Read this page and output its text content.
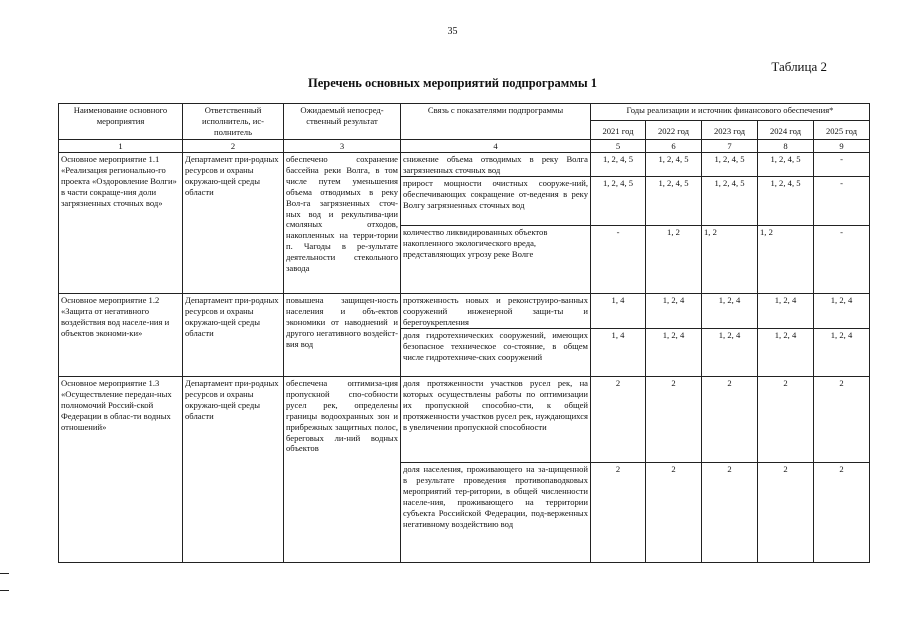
35
Таблица 2
Перечень основных мероприятий подпрограммы 1
Наименование основного мероприятия	Ответственный исполнитель, ис-полнитель	Ожидаемый непосред-ственный результат	Связь с показателями подпрограммы	Годы реализации и источник финансового обеспечения*				
				2021 год	2022 год	2023 год	2024 год	2025 год
1	2	3	4	5	6	7	8	9
Основное мероприятие 1.1 «Реализация регионально-го проекта «Оздоровление Волги» в части сокраще-ния доли загрязненных сточных вод»	Департамент при-родных ресурсов и охраны окружаю-щей среды области	обеспечено сохранение бассейна реки Волга, в том числе путем уменьшения объема отводимых в реку Вол-га загрязненных сточ-ных вод и рекультива-ции смоляных отходов, накопленных на терри-тории п. Чагоды в ре-зультате деятельности стекольного завода	снижение объема отводимых в реку Волга загрязненных сточных вод	1, 2, 4, 5	1, 2, 4, 5	1, 2, 4, 5	1, 2, 4, 5	-
			прирост мощности очистных сооруже-ний, обеспечивающих сокращение от-ведения в реку Волгу загрязненных сточных вод	1, 2, 4, 5	1, 2, 4, 5	1, 2, 4, 5	1, 2, 4, 5	-
			количество ликвидированных объектов накопленного экологического вреда, представляющих угрозу реке Волге	-	1, 2	1, 2	1, 2	-
Основное мероприятие 1.2 «Защита от негативного воздействия вод населе-ния и объектов экономи-ки»	Департамент при-родных ресурсов и охраны окружаю-щей среды области	повышена защищен-ность населения и объ-ектов экономики от наводнений и другого негативного воздейст-вия вод	протяженность новых и реконструиро-ванных сооружений инженерной защи-ты и берегоукрепления	1, 4	1, 2, 4	1, 2, 4	1, 2, 4	1, 2, 4
			доля гидротехнических сооружений, имеющих безопасное техническое со-стояние, в общем числе гидротехниче-ских сооружений	1, 4	1, 2, 4	1, 2, 4	1, 2, 4	1, 2, 4
Основное мероприятие 1.3 «Осуществление передан-ных полномочий Россий-ской Федерации в облас-ти водных отношений»	Департамент при-родных ресурсов и охраны окружаю-щей среды области	обеспечена оптимиза-ция пропускной спо-собности русел рек, определены границы водоохранных зон и прибрежных защитных полос, береговых ли-ний водных объектов	доля протяженности участков русел рек, на которых осуществлены работы по оптимизации их пропускной способно-сти, к общей протяженности участков русел рек, нуждающихся в увеличении пропускной способности	2	2	2	2	2
			доля населения, проживающего на за-щищенной в результате проведения противопаводковых мероприятий тер-ритории, в общей численности населе-ния, проживающего на территории субъекта Российской Федерации, под-верженных негативному воздействию вод	2	2	2	2	2
